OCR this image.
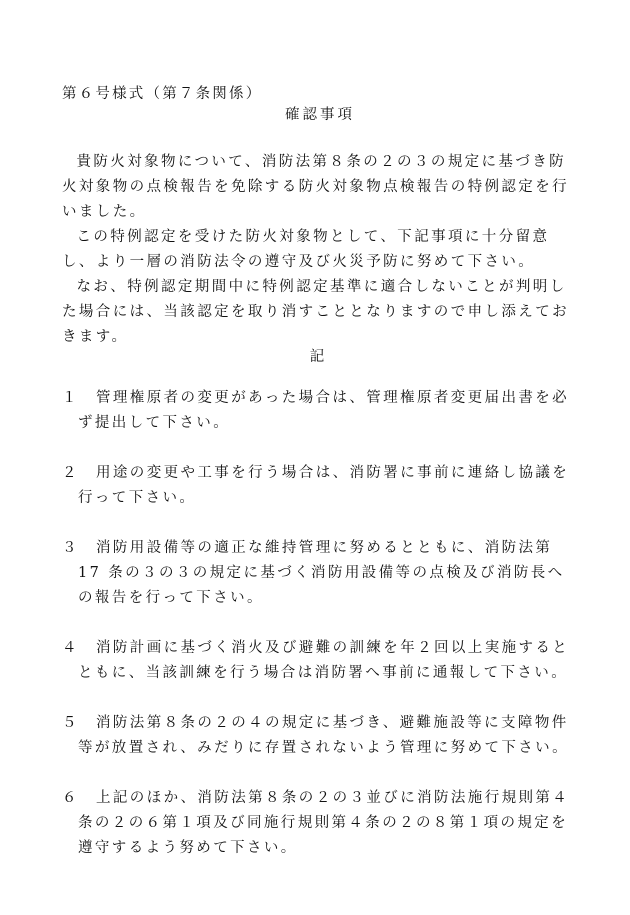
第６号様式（第７条関係）
確認事項

貴防火対象物について、消防法第８条の２の３の規定に基づき防火対象物の点検報告を免除する防火対象物点検報告の特例認定を行いました。

この特例認定を受けた防火対象物として、下記事項に十分留意し、より一層の消防法令の遵守及び火災予防に努めて下さい。

なお、特例認定期間中に特例認定基準に適合しないことが判明した場合には、当該認定を取り消すこととなりますので申し添えておきます。

記
１	管理権原者の変更があった場合は、管理権原者変更届出書を必ず提出して下さい。
２	用途の変更や工事を行う場合は、消防署に事前に連絡し協議を行って下さい。
３	消防用設備等の適正な維持管理に努めるとともに、消防法第17 条の３の３の規定に基づく消防用設備等の点検及び消防長への報告を行って下さい。
４	消防計画に基づく消火及び避難の訓練を年２回以上実施するとともに、当該訓練を行う場合は消防署へ事前に通報して下さい。
５	消防法第８条の２の４の規定に基づき、避難施設等に支障物件等が放置され、みだりに存置されないよう管理に努めて下さい。
６	上記のほか、消防法第８条の２の３並びに消防法施行規則第４条の２の６第１項及び同施行規則第４条の２の８第１項の規定を遵守するよう努めて下さい。
